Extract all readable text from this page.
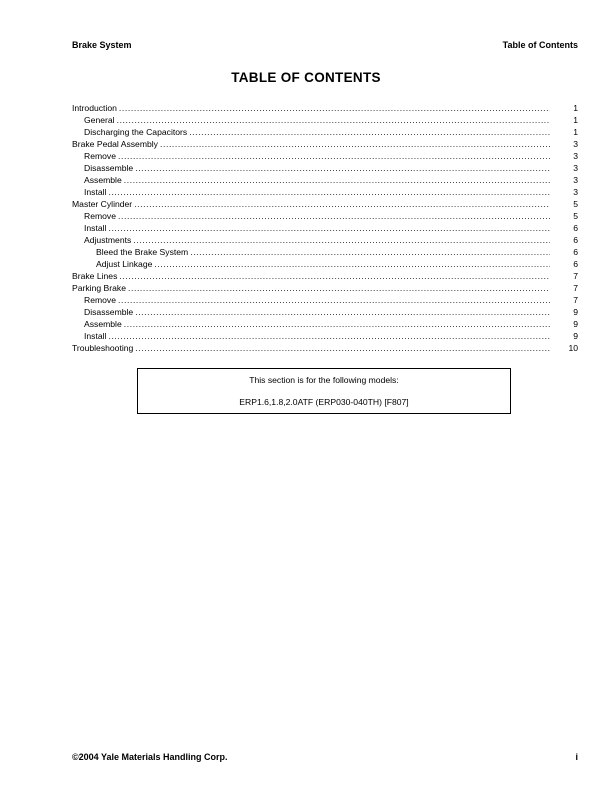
Brake System	Table of Contents
TABLE OF CONTENTS
Introduction .....	1
General .....	1
Discharging the Capacitors .....	1
Brake Pedal Assembly .....	3
Remove .....	3
Disassemble .....	3
Assemble .....	3
Install .....	3
Master Cylinder .....	5
Remove .....	5
Install .....	6
Adjustments .....	6
Bleed the Brake System .....	6
Adjust Linkage .....	6
Brake Lines .....	7
Parking Brake .....	7
Remove .....	7
Disassemble .....	9
Assemble .....	9
Install .....	9
Troubleshooting .....	10
This section is for the following models:
ERP1.6,1.8,2.0ATF (ERP030-040TH) [F807]
©2004 Yale Materials Handling Corp.	i
